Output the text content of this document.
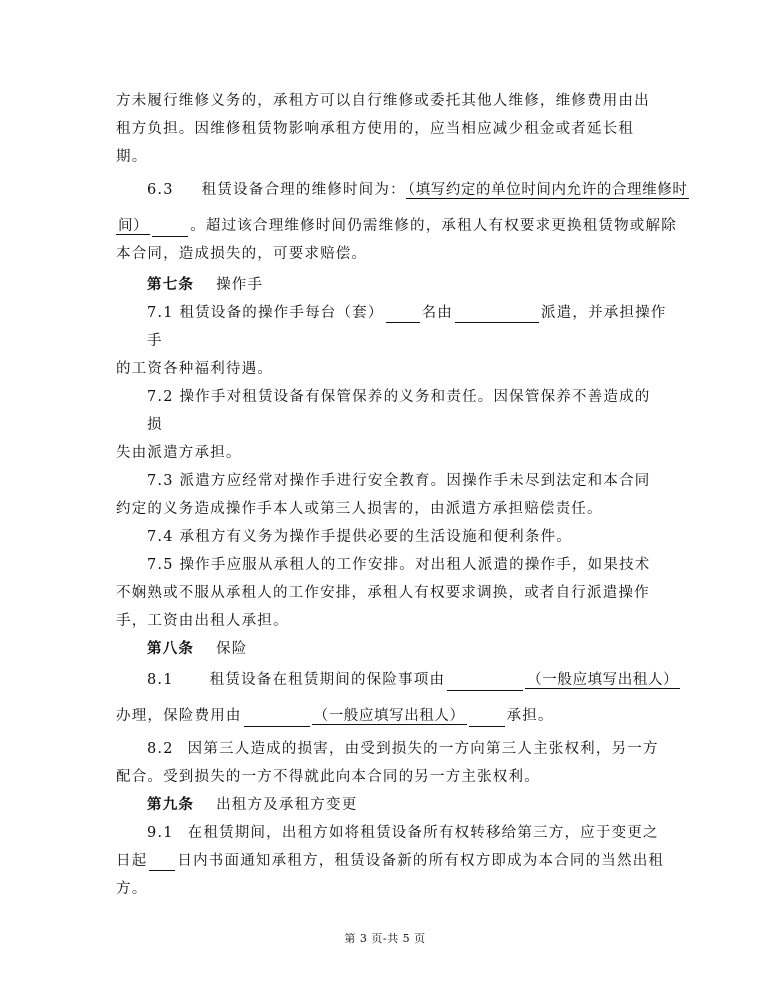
方未履行维修义务的，承租方可以自行维修或委托其他人维修，维修费用由出
租方负担。因维修租赁物影响承租方使用的，应当相应减少租金或者延长租
期。
6.3 租赁设备合理的维修时间为： （填写约定的单位时间内允许的合理维修时
间）	。超过该合理维修时间仍需维修的，承租人有权要求更换租赁物或解除
本合同，造成损失的，可要求赔偿。
第七条 操作手
7.1 租赁设备的操作手每台（套）	名由	派遣，并承担操作
手
的工资各种福利待遇。
7.2 操作手对租赁设备有保管保养的义务和责任。因保管保养不善造成的
损
失由派遣方承担。
7.3 派遣方应经常对操作手进行安全教育。因操作手未尽到法定和本合同
约定的义务造成操作手本人或第三人损害的，由派遣方承担赔偿责任。
7.4 承租方有义务为操作手提供必要的生活设施和便利条件。
7.5 操作手应服从承租人的工作安排。对出租人派遣的操作手，如果技术
不娴熟或不服从承租人的工作安排，承租人有权要求调换，或者自行派遣操作
手，工资由出租人承担。
第八条 保险
8.1 租赁设备在租赁期间的保险事项由	（一般应填写出租人）
办理，保险费用由	（一般应填写出租人）	承担。
8.2 因第三人造成的损害，由受到损失的一方向第三人主张权利，另一方
配合。受到损失的一方不得就此向本合同的另一方主张权利。
第九条 出租方及承租方变更
9.1 在租赁期间，出租方如将租赁设备所有权转移给第三方，应于变更之
日起 日内书面通知承租方，租赁设备新的所有权方即成为本合同的当然出租
方。
第 3 页-共 5 页
